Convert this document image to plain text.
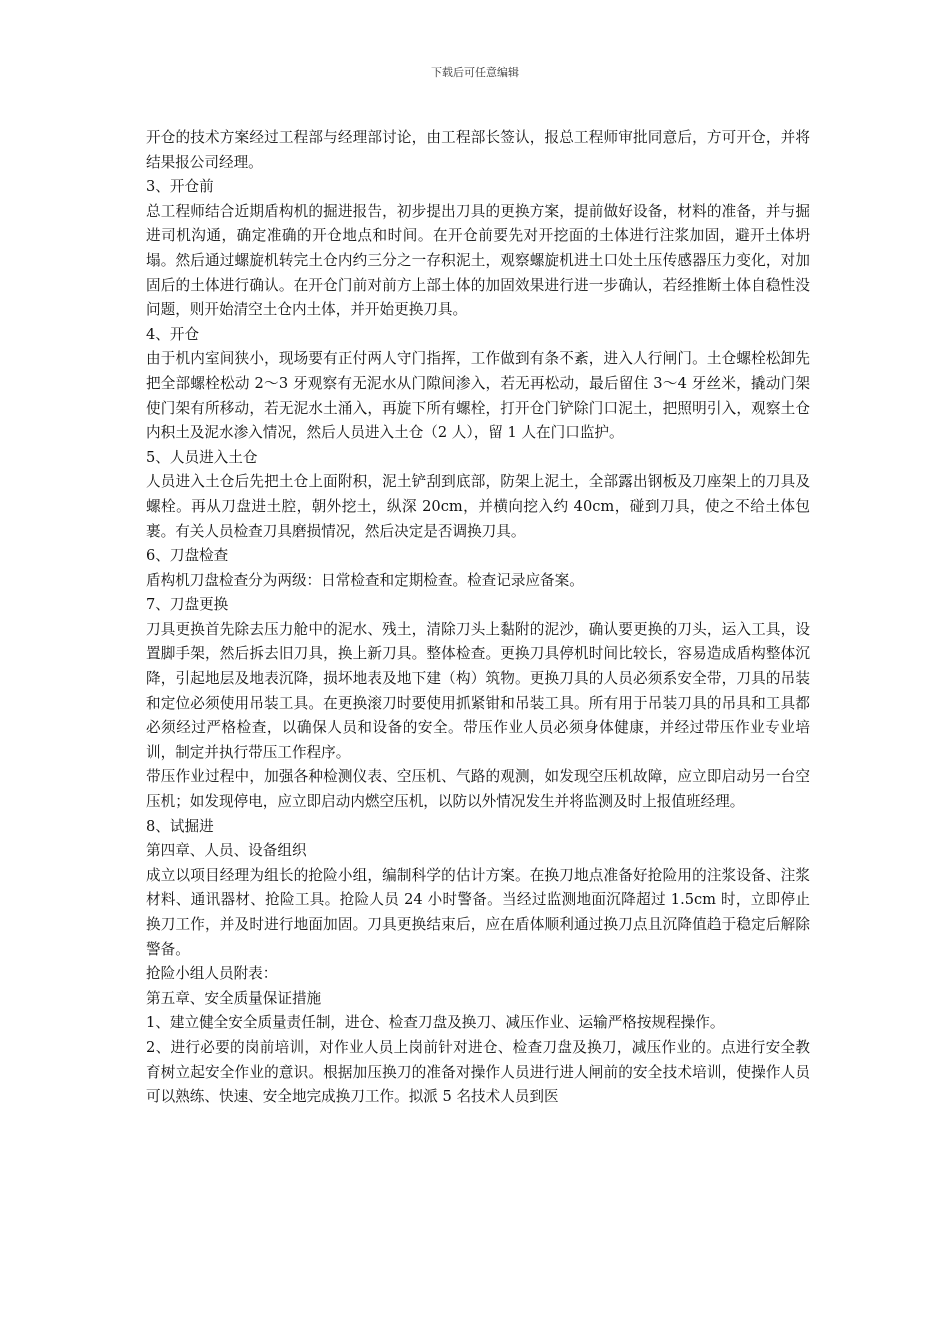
下载后可任意编辑

开仓的技术方案经过工程部与经理部讨论，由工程部长签认，报总工程师审批同意后，方可开仓，并将结果报公司经理。

3、开仓前

总工程师结合近期盾构机的掘进报告，初步提出刀具的更换方案，提前做好设备，材料的准备，并与掘进司机沟通，确定准确的开仓地点和时间。在开仓前要先对开挖面的土体进行注浆加固，避开土体坍塌。然后通过螺旋机转完土仓内约三分之一存积泥土，观察螺旋机进土口处土压传感器压力变化，对加固后的土体进行确认。在开仓门前对前方上部土体的加固效果进行进一步确认，若经推断土体自稳性没问题，则开始清空土仓内土体，并开始更换刀具。

4、开仓

由于机内室间狭小，现场要有正付两人守门指挥，工作做到有条不紊，进入人行闸门。土仓螺栓松卸先把全部螺栓松动 2～3 牙观察有无泥水从门隙间渗入，若无再松动，最后留住 3～4 牙丝米，撬动门架使门架有所移动，若无泥水土涌入，再旋下所有螺栓，打开仓门铲除门口泥土，把照明引入，观察土仓内积土及泥水渗入情况，然后人员进入土仓（2 人），留 1 人在门口监护。

5、人员进入土仓

人员进入土仓后先把土仓上面附积，泥土铲刮到底部，防架上泥土，全部露出钢板及刀座架上的刀具及螺栓。再从刀盘进土腔，朝外挖土，纵深 20cm，并横向挖入约 40cm，碰到刀具，使之不给土体包裹。有关人员检查刀具磨损情况，然后决定是否调换刀具。

6、刀盘检查

盾构机刀盘检查分为两级：日常检查和定期检查。检查记录应备案。

7、刀盘更换

刀具更换首先除去压力舱中的泥水、残土，清除刀头上黏附的泥沙，确认要更换的刀头，运入工具，设置脚手架，然后拆去旧刀具，换上新刀具。整体检查。更换刀具停机时间比较长，容易造成盾构整体沉降，引起地层及地表沉降，损坏地表及地下建（构）筑物。更换刀具的人员必须系安全带，刀具的吊装和定位必须使用吊装工具。在更换滚刀时要使用抓紧钳和吊装工具。所有用于吊装刀具的吊具和工具都必须经过严格检查，以确保人员和设备的安全。带压作业人员必须身体健康，并经过带压作业专业培训，制定并执行带压工作程序。

带压作业过程中，加强各种检测仪表、空压机、气路的观测，如发现空压机故障，应立即启动另一台空压机；如发现停电，应立即启动内燃空压机，以防以外情况发生并将监测及时上报值班经理。

8、试掘进

第四章、人员、设备组织

成立以项目经理为组长的抢险小组，编制科学的估计方案。在换刀地点准备好抢险用的注浆设备、注浆材料、通讯器材、抢险工具。抢险人员 24 小时警备。当经过监测地面沉降超过 1.5cm 时，立即停止换刀工作，并及时进行地面加固。刀具更换结束后，应在盾体顺利通过换刀点且沉降值趋于稳定后解除警备。

抢险小组人员附表：

第五章、安全质量保证措施

1、建立健全安全质量责任制，进仓、检查刀盘及换刀、减压作业、运输严格按规程操作。

2、进行必要的岗前培训，对作业人员上岗前针对进仓、检查刀盘及换刀，减压作业的。点进行安全教育树立起安全作业的意识。根据加压换刀的准备对操作人员进行进人闸前的安全技术培训，使操作人员可以熟练、快速、安全地完成换刀工作。拟派 5 名技术人员到医
